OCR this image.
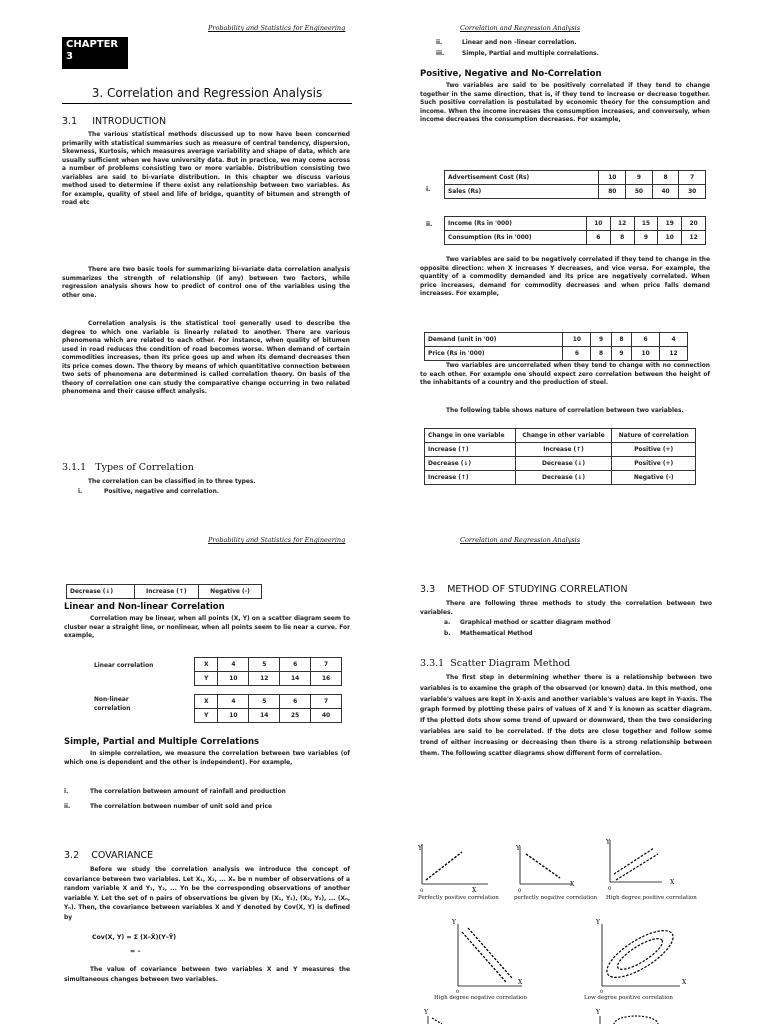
Probability and Statistics for Engineering
CHAPTER
3
3. Correlation and Regression Analysis
3.1 INTRODUCTION
The various statistical methods discussed up to now have been concerned primarily with statistical summaries such as measure of central tendency, dispersion, Skewness, Kurtosis, which measures average variability and shape of data, which are usually sufficient when we have university data. But in practice, we may come across a number of problems consisting two or more variable. Distribution consisting two variables are said to bi-variate distribution. In this chapter we discuss various method used to determine if there exist any relationship between two variables. As for example, quality of steel and life of bridge, quantity of bitumen and strength of road etc
There are two basic tools for summarizing bi-variate data correlation analysis summarizes the strength of relationship (if any) between two factors, while regression analysis shows how to predict of control one of the variables using the other one.
Correlation analysis is the statistical tool generally used to describe the degree to which one variable is linearly related to another. There are various phenomena which are related to each other. For instance, when quality of bitumen used in road reduces the condition of road becomes worse. When demand of certain commodities increases, then its price goes up and when its demand decreases then its price comes down. The theory by means of which quantitative connection between two sets of phenomena are determined is called correlation theory. On basis of the theory of correlation one can study the comparative change occurring in two related phenomena and their cause effect analysis.
3.1.1 Types of Correlation
The correlation can be classified in to three types.
i.	Positive, negative and correlation.
Correlation and Regression Analysis
ii.	Linear and non –linear correlation.
iii.	Simple, Partial and multiple correlations.
Positive, Negative and No-Correlation
Two variables are said to be positively correlated if they tend to change together in the same direction, that is, if they tend to increase or decrease together. Such positive correlation is postulated by economic theory for the consumption and income. When the income increases the consumption increases, and conversely, when income decreases the consumption decreases. For example,
i.
Advertisement Cost (Rs)	10	9	8	7
Sales (Rs)	80	50	40	30
ii.	Income (Rs in '000)	10	12	15	19	20
Consumption (Rs in '000)	6	8	9	10	12
Two variables are said to be negatively correlated if they tend to change in the opposite direction: when X increases Y decreases, and vice versa. For example, the quantity of a commodity demanded and its price are negatively correlated. When price increases, demand for commodity decreases and when price falls demand increases. For example,
Demand (unit in '00)	10	9	8	6	4
Price (Rs in '000)	6	8	9	10	12
Two variables are uncorrelated when they tend to change with no connection to each other. For example one should expect zero correlation between the height of the inhabitants of a country and the production of steel.
The following table shows nature of correlation between two variables.
Change in one variable	Change in other variable	Nature of correlation
Increase (↑)	Increase (↑)	Positive (+)
Decrease (↓)	Decrease (↓)	Positive (+)
Increase (↑)	Decrease (↓)	Negative (-)
Probability and Statistics for Engineering
Decrease (↓)	Increase (↑)	Negative (-)
Linear and Non-linear Correlation
Correlation may be linear, when all points (X, Y) on a scatter diagram seem to cluster near a straight line, or nonlinear, when all points seem to lie near a curve. For example,
Linear correlation	X	4	5	6	7
Y	10	12	14	16
Non-linear correlation
X	4	5	6	7
Y	10	14	25	40
Simple, Partial and Multiple Correlations
In simple correlation, we measure the correlation between two variables (of which one is dependent and the other is independent). For example,
i.	The correlation between amount of rainfall and production
ii.	The correlation between number of unit sold and price
3.2 COVARIANCE
Before we study the correlation analysis we introduce the concept of covariance between two variables. Let X₁, X₂, ... Xₙ be n number of observations of a random variable X and Y₁, Y₂, ... Yn be the corresponding observations of another variable Y. Let the set of n pairs of observations be given by (X₁, Y₁), (X₂, Y₂), ... (Xₙ, Yₙ). Then, the covariance between variables X and Y denoted by Cov(X, Y) is defined by
Cov(X, Y) = Σ (X–X̄)(Y–Ȳ)
= –
The value of covariance between two variables X and Y measures the simultaneous changes between two variables.
Correlation and Regression Analysis
3.3 METHOD OF STUDYING CORRELATION
There are following three methods to study the correlation between two variables.
a.	Graphical method or scatter diagram method
b.	Mathematical Method
3.3.1 Scatter Diagram Method
The first step in determining whether there is a relationship between two variables is to examine the graph of the observed (or known) data. In this method, one variable's values are kept in X-axis and another variable's values are kept in Y-axis. The graph formed by plotting these pairs of values of X and Y is known as scatter diagram. If the plotted dots show some trend of upward or downward, then the two considering variables are said to be correlated. If the dots are close together and follow some trend of either increasing or decreasing then there is a strong relationship between them. The following scatter diagrams show different form of correlation.
Y
X
0
Perfectly positive correlation
Y
X
0
perfectly negative correlation
Y
X
0
High degree positive correlation
Y
X
0
High degree negative correlation
Y
X
0
Low degree positive correlation
Y	Y
